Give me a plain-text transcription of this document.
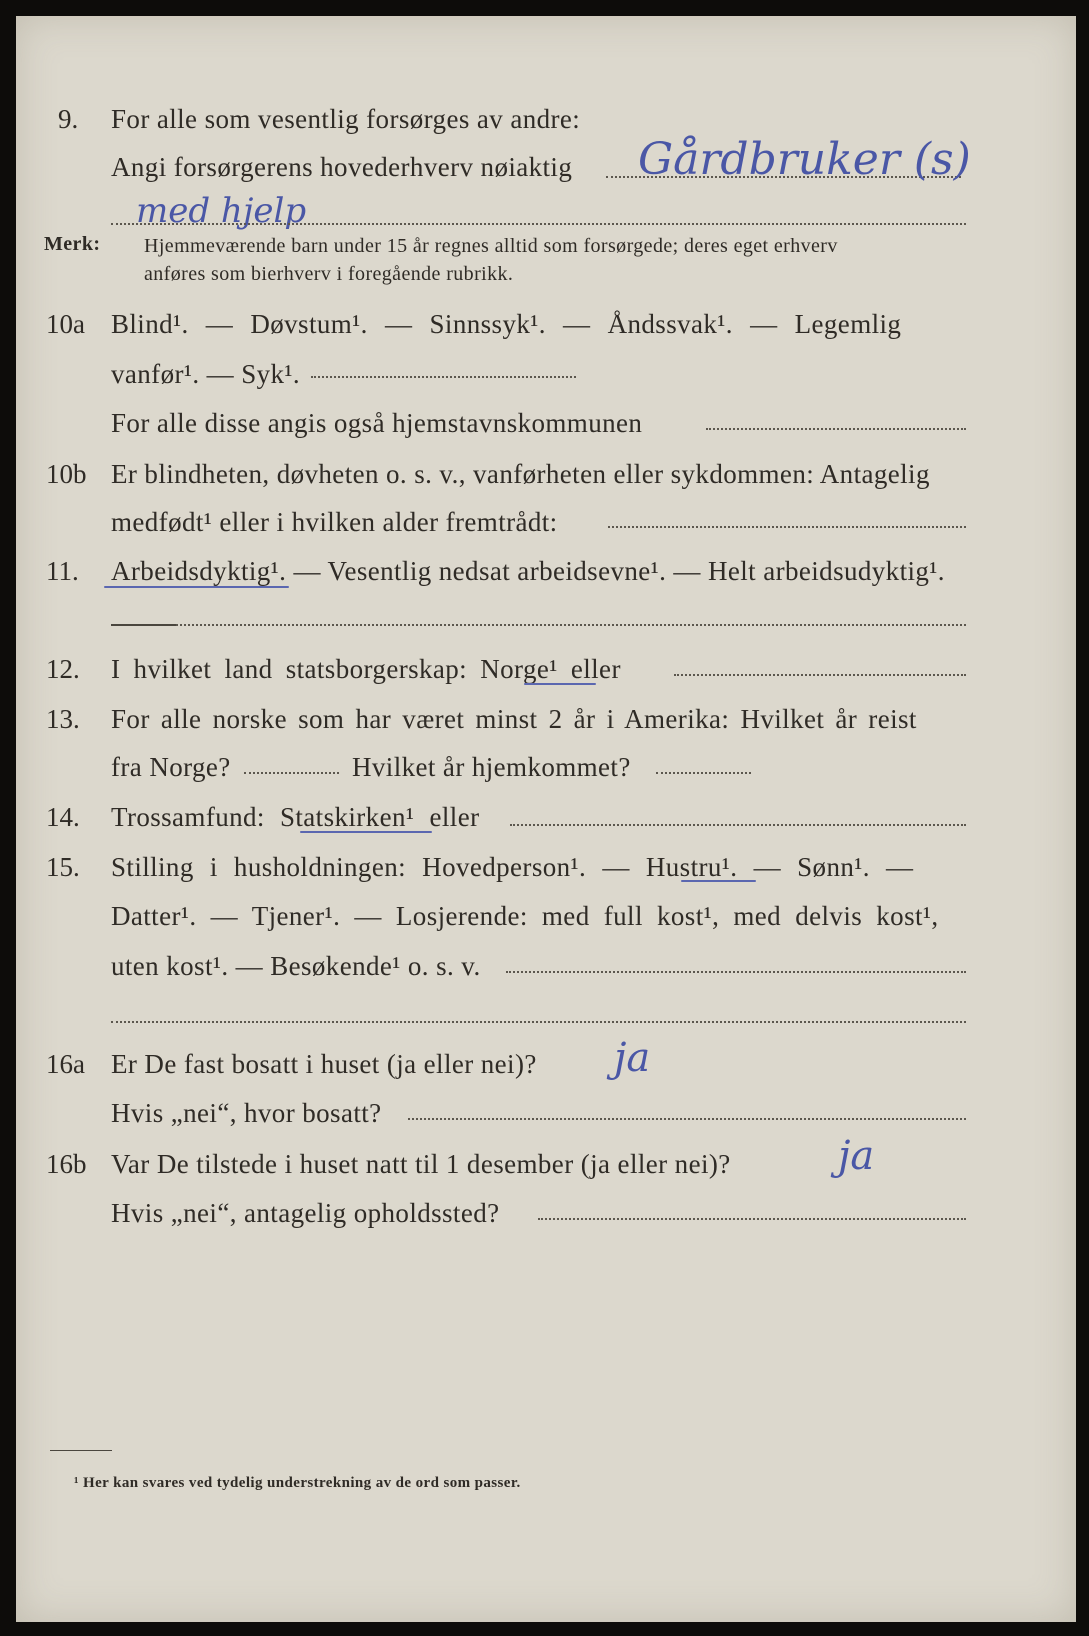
9. For alle som vesentlig forsørges av andre:
Angi forsørgerens hovederhverv nøiaktig Gårdbruker (s)
med hjelp
Merk: Hjemmeværende barn under 15 år regnes alltid som forsørgede; deres eget erhverv
anføres som bierhverv i foregående rubrikk.
10a Blind¹. — Døvstum¹. — Sinnssyk¹. — Åndssvak¹. — Legemlig
vanfør¹. — Syk¹.
For alle disse angis også hjemstavnskommunen
10b Er blindheten, døvheten o. s. v., vanførheten eller sykdommen: Antagelig
medfødt¹ eller i hvilken alder fremtrådt:
11. Arbeidsdyktig¹. — Vesentlig nedsat arbeidsevne¹. — Helt arbeidsudyktig¹.
12. I hvilket land statsborgerskap: Norge¹ eller
13. For alle norske som har været minst 2 år i Amerika: Hvilket år reist
fra Norge?	Hvilket år hjemkommet?
14. Trossamfund: Statskirken¹ eller
15. Stilling i husholdningen: Hovedperson¹. — Hustru¹. — Sønn¹. —
Datter¹. — Tjener¹. — Losjerende: med full kost¹, med delvis kost¹,
uten kost¹. — Besøkende¹ o. s. v.
16a Er De fast bosatt i huset (ja eller nei)? ja
Hvis „nei“, hvor bosatt?
16b Var De tilstede i huset natt til 1 desember (ja eller nei)?	ja
Hvis „nei“, antagelig opholdssted?
¹ Her kan svares ved tydelig understrekning av de ord som passer.
